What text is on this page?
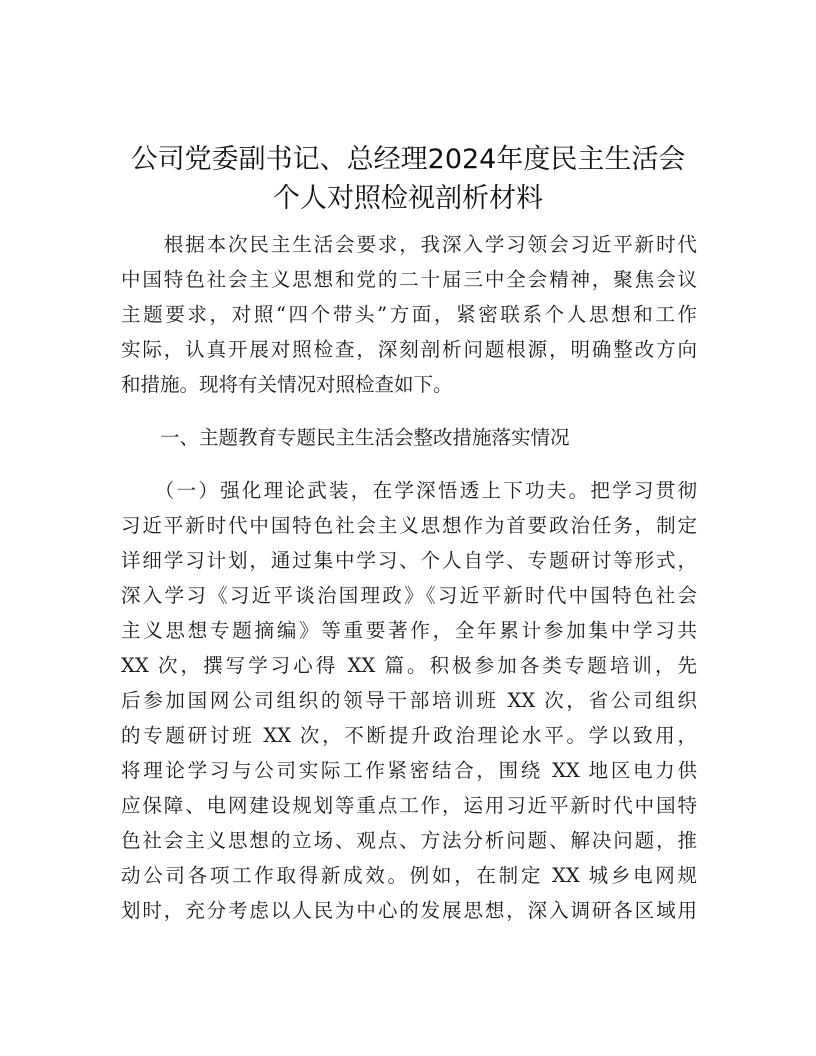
公司党委副书记、总经理2024年度民主生活会
个人对照检视剖析材料
　　根据本次民主生活会要求，我深入学习领会习近平新时代
中国特色社会主义思想和党的二十届三中全会精神，聚焦会议
主题要求，对照“四个带头”方面，紧密联系个人思想和工作
实际，认真开展对照检查，深刻剖析问题根源，明确整改方向
和措施。现将有关情况对照检查如下。
　　一、主题教育专题民主生活会整改措施落实情况
　　（一）强化理论武装，在学深悟透上下功夫。把学习贯彻
习近平新时代中国特色社会主义思想作为首要政治任务，制定
详细学习计划，通过集中学习、个人自学、专题研讨等形式，
深入学习《习近平谈治国理政》《习近平新时代中国特色社会
主义思想专题摘编》等重要著作，全年累计参加集中学习共
XX 次，撰写学习心得 XX 篇。积极参加各类专题培训，先
后参加国网公司组织的领导干部培训班 XX 次，省公司组织
的专题研讨班 XX 次，不断提升政治理论水平。学以致用，
将理论学习与公司实际工作紧密结合，围绕 XX 地区电力供
应保障、电网建设规划等重点工作，运用习近平新时代中国特
色社会主义思想的立场、观点、方法分析问题、解决问题，推
动公司各项工作取得新成效。例如，在制定 XX 城乡电网规
划时，充分考虑以人民为中心的发展思想，深入调研各区域用
